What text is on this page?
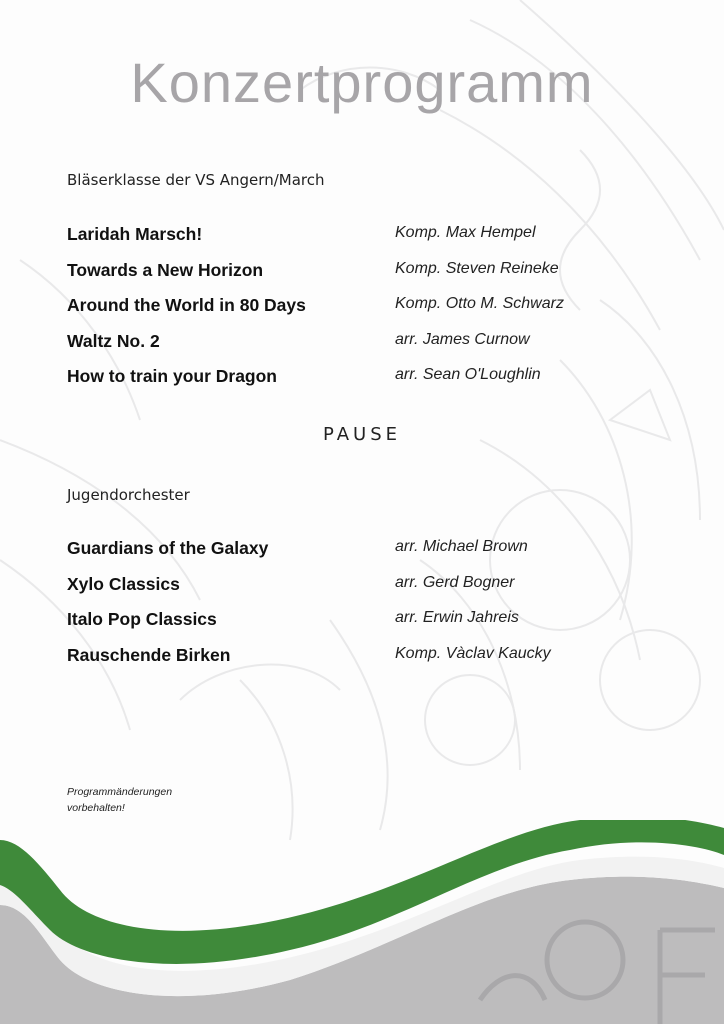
Konzertprogramm

Bläserklasse der VS Angern/March

Laridah Marsch!	Komp. Max Hempel
Towards a New Horizon	Komp. Steven Reineke
Around the World in 80 Days	Komp. Otto M. Schwarz
Waltz No. 2	arr. James Curnow
How to train your Dragon	arr. Sean O'Loughlin

PAUSE

Jugendorchester

Guardians of the Galaxy	arr. Michael Brown
Xylo Classics	arr. Gerd Bogner
Italo Pop Classics	arr. Erwin Jahreis
Rauschende Birken	Komp. Vàclav Kaucky

Programmänderungen
vorbehalten!
